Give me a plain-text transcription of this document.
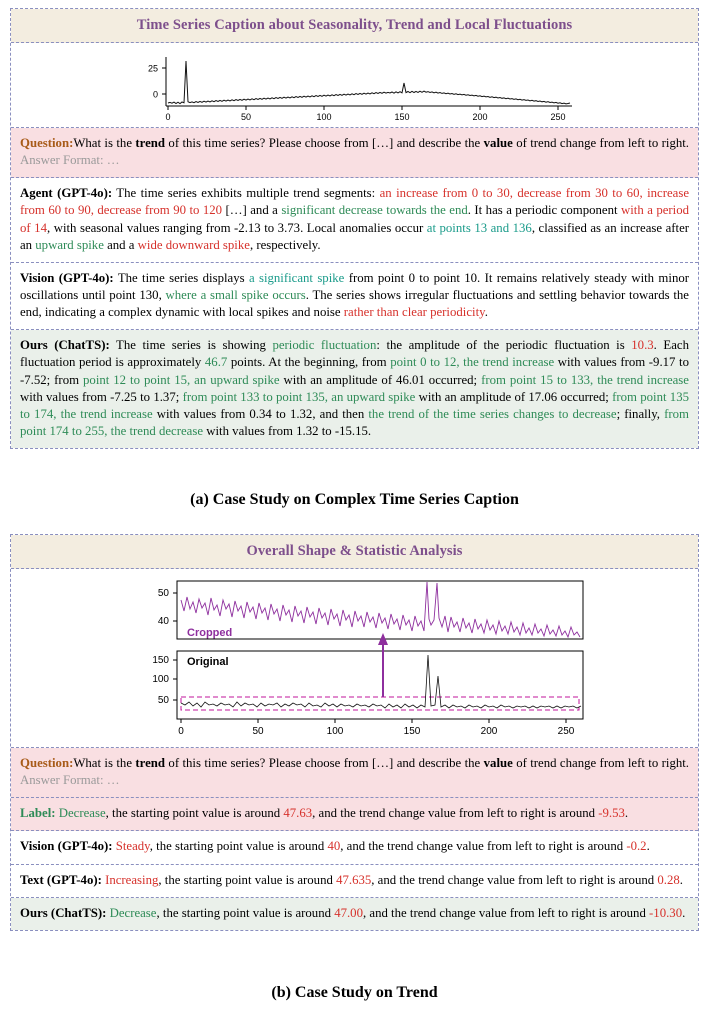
Time Series Caption about Seasonality, Trend and Local Fluctuations
25
0
0	50	100	150	200	250
Question:What is the trend of this time series? Please choose from […] and describe the value of trend change from left to right. Answer Format: …
Agent (GPT-4o): The time series exhibits multiple trend segments: an increase from 0 to 30, decrease from 30 to 60, increase from 60 to 90, decrease from 90 to 120 […] and a significant decrease towards the end. It has a periodic component with a period of 14, with seasonal values ranging from -2.13 to 3.73. Local anomalies occur at points 13 and 136, classified as an increase after an upward spike and a wide downward spike, respectively.
Vision (GPT-4o): The time series displays a significant spike from point 0 to point 10. It remains relatively steady with minor oscillations until point 130, where a small spike occurs. The series shows irregular fluctuations and settling behavior towards the end, indicating a complex dynamic with local spikes and noise rather than clear periodicity.
Ours (ChatTS): The time series is showing periodic fluctuation: the amplitude of the periodic fluctuation is 10.3. Each fluctuation period is approximately 46.7 points. At the beginning, from point 0 to 12, the trend increase with values from -9.17 to -7.52; from point 12 to point 15, an upward spike with an amplitude of 46.01 occurred; from point 15 to 133, the trend increase with values from -7.25 to 1.37; from point 133 to point 135, an upward spike with an amplitude of 17.06 occurred; from point 135 to 174, the trend increase with values from 0.34 to 1.32, and then the trend of the time series changes to decrease; finally, from point 174 to 255, the trend decrease with values from 1.32 to -15.15.
(a) Case Study on Complex Time Series Caption
Overall Shape & Statistic Analysis
50
40
Cropped
150
100
50
Original
0	50	100	150	200	250
Question:What is the trend of this time series? Please choose from […] and describe the value of trend change from left to right. Answer Format: …
Label: Decrease, the starting point value is around 47.63, and the trend change value from left to right is around -9.53.
Vision (GPT-4o): Steady, the starting point value is around 40, and the trend change value from left to right is around -0.2.
Text (GPT-4o): Increasing, the starting point value is around 47.635, and the trend change value from left to right is around 0.28.
Ours (ChatTS): Decrease, the starting point value is around 47.00, and the trend change value from left to right is around -10.30.
(b) Case Study on Trend
